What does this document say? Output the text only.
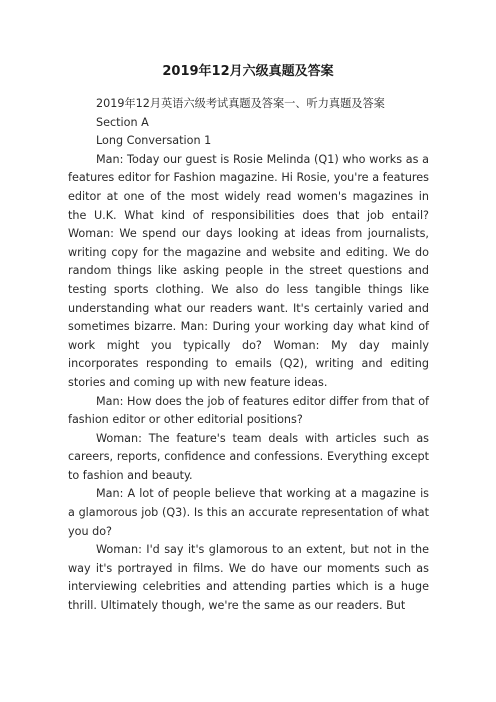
2019年12月六级真题及答案

2019年12月英语六级考试真题及答案一、听力真题及答案

Section A

Long Conversation 1

Man: Today our guest is Rosie Melinda (Q1) who works as a features editor for Fashion magazine. Hi Rosie, you're a features editor at one of the most widely read women's magazines in the U.K. What kind of responsibilities does that job entail? Woman: We spend our days looking at ideas from journalists, writing copy for the magazine and website and editing. We do random things like asking people in the street questions and testing sports clothing. We also do less tangible things like understanding what our readers want. It's certainly varied and sometimes bizarre. Man: During your working day what kind of work might you typically do? Woman: My day mainly incorporates responding to emails (Q2), writing and editing stories and coming up with new feature ideas.

Man: How does the job of features editor differ from that of fashion editor or other editorial positions?

Woman: The feature's team deals with articles such as careers, reports, confidence and confessions. Everything except to fashion and beauty.

Man: A lot of people believe that working at a magazine is a glamorous job (Q3). Is this an accurate representation of what you do?

Woman: I'd say it's glamorous to an extent, but not in the way it's portrayed in films. We do have our moments such as interviewing celebrities and attending parties which is a huge thrill. Ultimately though, we're the same as our readers. But
